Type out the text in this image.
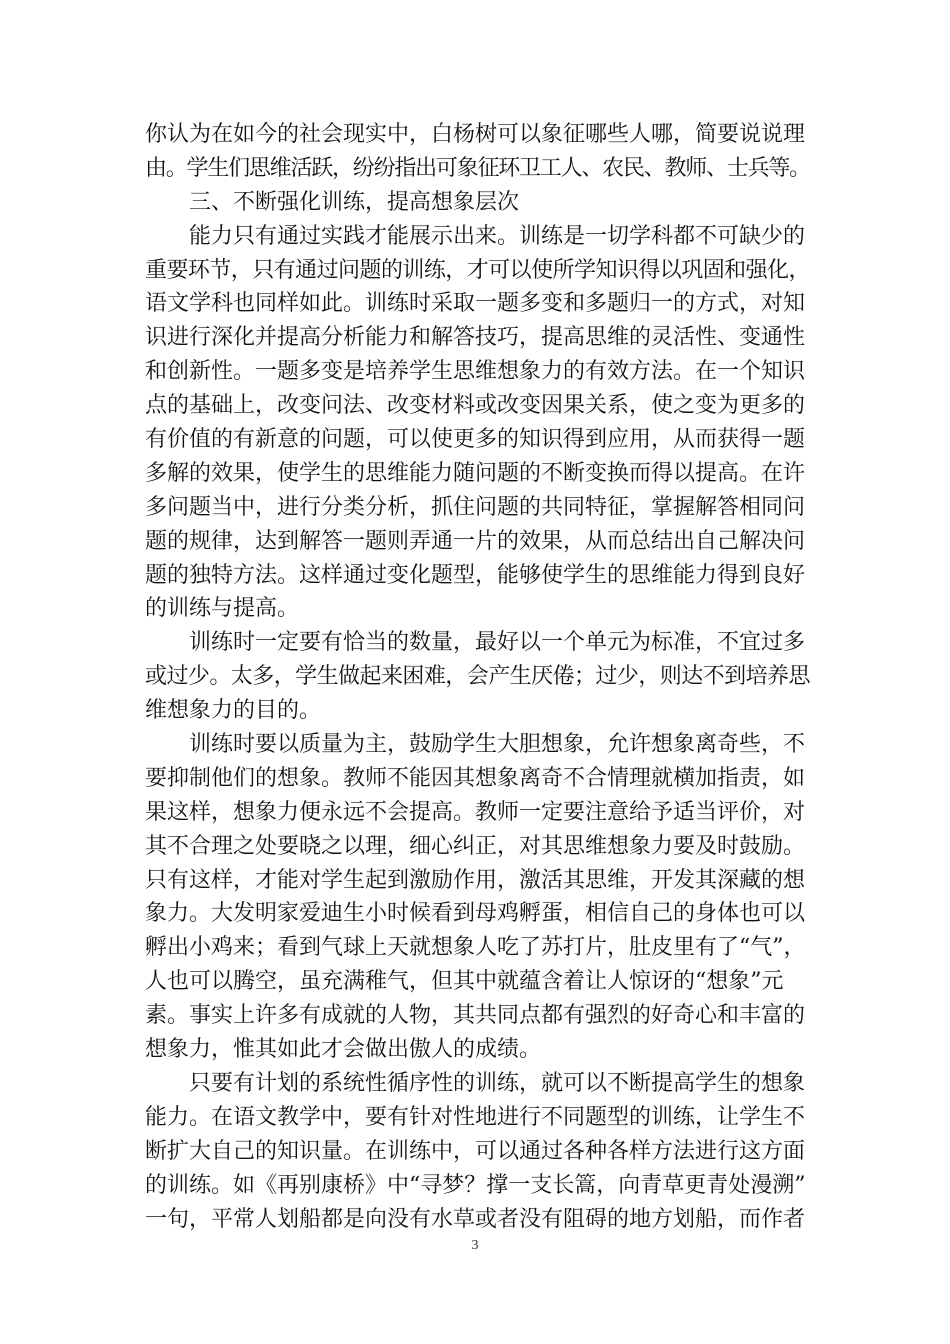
你认为在如今的社会现实中，白杨树可以象征哪些人哪，简要说说理
由。学生们思维活跃，纷纷指出可象征环卫工人、农民、教师、士兵等。
三、不断强化训练，提高想象层次
能力只有通过实践才能展示出来。训练是一切学科都不可缺少的
重要环节，只有通过问题的训练，才可以使所学知识得以巩固和强化，
语文学科也同样如此。训练时采取一题多变和多题归一的方式，对知
识进行深化并提高分析能力和解答技巧，提高思维的灵活性、变通性
和创新性。一题多变是培养学生思维想象力的有效方法。在一个知识
点的基础上，改变问法、改变材料或改变因果关系，使之变为更多的
有价值的有新意的问题，可以使更多的知识得到应用，从而获得一题
多解的效果，使学生的思维能力随问题的不断变换而得以提高。在许
多问题当中，进行分类分析，抓住问题的共同特征，掌握解答相同问
题的规律，达到解答一题则弄通一片的效果，从而总结出自己解决问
题的独特方法。这样通过变化题型，能够使学生的思维能力得到良好
的训练与提高。
训练时一定要有恰当的数量，最好以一个单元为标准，不宜过多
或过少。太多，学生做起来困难，会产生厌倦；过少，则达不到培养思
维想象力的目的。
训练时要以质量为主，鼓励学生大胆想象，允许想象离奇些，不
要抑制他们的想象。教师不能因其想象离奇不合情理就横加指责，如
果这样，想象力便永远不会提高。教师一定要注意给予适当评价，对
其不合理之处要晓之以理，细心纠正，对其思维想象力要及时鼓励。
只有这样，才能对学生起到激励作用，激活其思维，开发其深藏的想
象力。大发明家爱迪生小时候看到母鸡孵蛋，相信自己的身体也可以
孵出小鸡来；看到气球上天就想象人吃了苏打片，肚皮里有了“气”，
人也可以腾空，虽充满稚气，但其中就蕴含着让人惊讶的“想象”元
素。事实上许多有成就的人物，其共同点都有强烈的好奇心和丰富的
想象力，惟其如此才会做出傲人的成绩。
只要有计划的系统性循序性的训练，就可以不断提高学生的想象
能力。在语文教学中，要有针对性地进行不同题型的训练，让学生不
断扩大自己的知识量。在训练中，可以通过各种各样方法进行这方面
的训练。如《再别康桥》中“寻梦？撑一支长篙，向青草更青处漫溯”
一句，平常人划船都是向没有水草或者没有阻碍的地方划船，而作者
3
